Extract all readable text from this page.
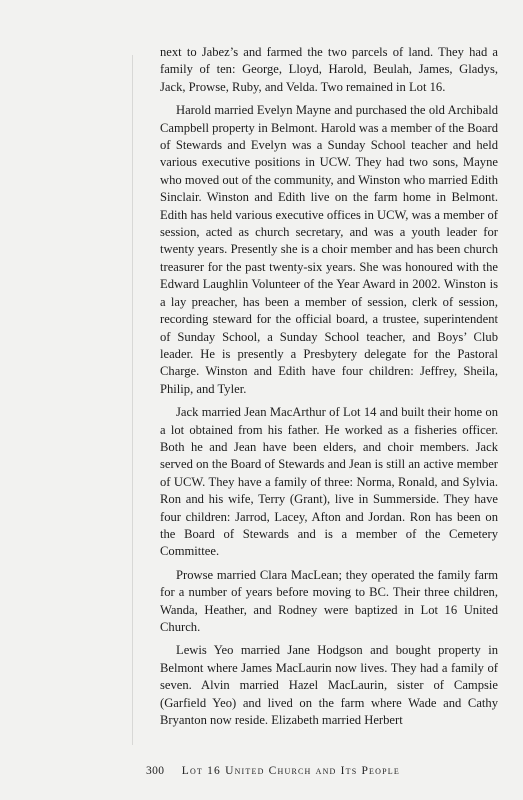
next to Jabez’s and farmed the two parcels of land. They had a family of ten: George, Lloyd, Harold, Beulah, James, Gladys, Jack, Prowse, Ruby, and Velda. Two remained in Lot 16.

Harold married Evelyn Mayne and purchased the old Archibald Campbell property in Belmont. Harold was a member of the Board of Stewards and Evelyn was a Sunday School teacher and held various executive positions in UCW. They had two sons, Mayne who moved out of the community, and Winston who married Edith Sinclair. Winston and Edith live on the farm home in Belmont. Edith has held various executive offices in UCW, was a member of session, acted as church secretary, and was a youth leader for twenty years. Presently she is a choir member and has been church treasurer for the past twenty-six years. She was honoured with the Edward Laughlin Volunteer of the Year Award in 2002. Winston is a lay preacher, has been a member of session, clerk of session, recording steward for the official board, a trustee, superintendent of Sunday School, a Sunday School teacher, and Boys’ Club leader. He is presently a Presbytery delegate for the Pastoral Charge. Winston and Edith have four children: Jeffrey, Sheila, Philip, and Tyler.

Jack married Jean MacArthur of Lot 14 and built their home on a lot obtained from his father. He worked as a fisheries officer. Both he and Jean have been elders, and choir members. Jack served on the Board of Stewards and Jean is still an active member of UCW. They have a family of three: Norma, Ronald, and Sylvia. Ron and his wife, Terry (Grant), live in Summerside. They have four children: Jarrod, Lacey, Afton and Jordan. Ron has been on the Board of Stewards and is a member of the Cemetery Committee.

Prowse married Clara MacLean; they operated the family farm for a number of years before moving to BC. Their three children, Wanda, Heather, and Rodney were baptized in Lot 16 United Church.

Lewis Yeo married Jane Hodgson and bought property in Belmont where James MacLaurin now lives. They had a family of seven. Alvin married Hazel MacLaurin, sister of Campsie (Garfield Yeo) and lived on the farm where Wade and Cathy Bryanton now reside. Elizabeth married Herbert

300 Lot 16 United Church and Its People
